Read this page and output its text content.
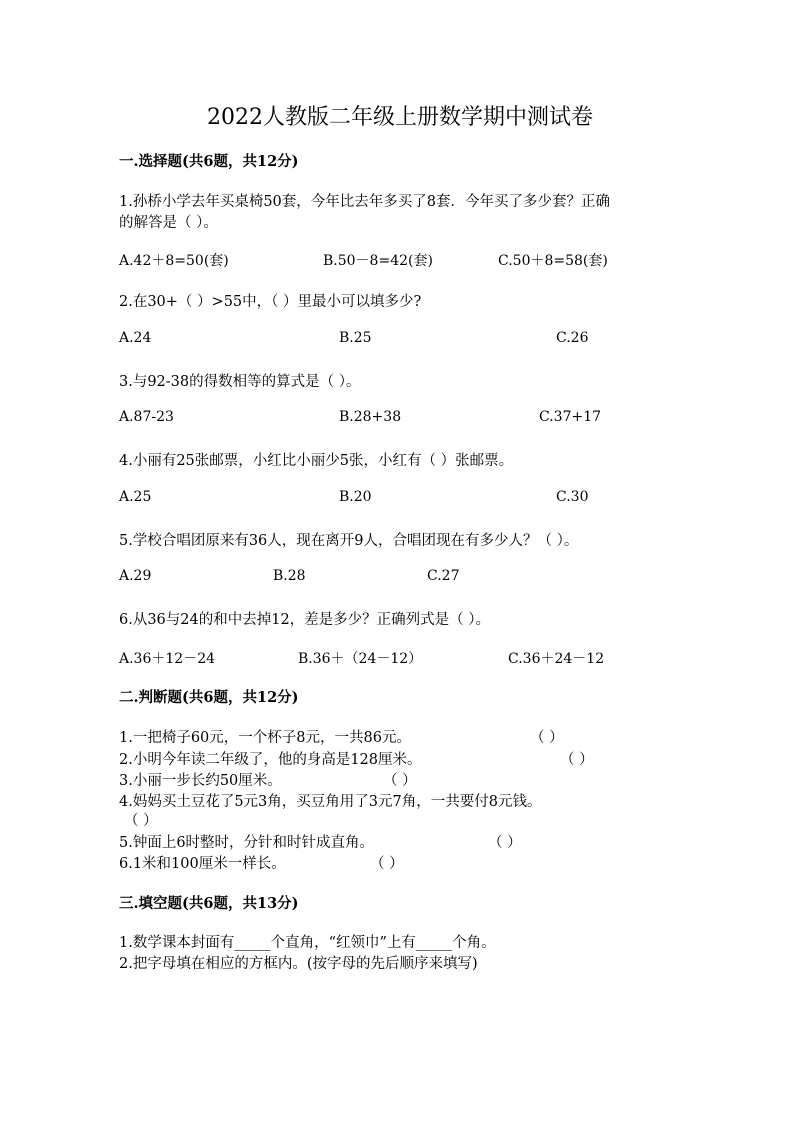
2022人教版二年级上册数学期中测试卷
一.选择题(共6题，共12分)
1.孙桥小学去年买桌椅50套，今年比去年多买了8套．今年买了多少套？正确
的解答是（ ）。
A.42＋8=50(套)	B.50－8=42(套)	C.50＋8=58(套)
2.在30+（ ）>55中，（ ）里最小可以填多少?
A.24	B.25	C.26
3.与92-38的得数相等的算式是（ ）。
A.87-23	B.28+38	C.37+17
4.小丽有25张邮票，小红比小丽少5张，小红有（ ）张邮票。
A.25	B.20	C.30
5.学校合唱团原来有36人，现在离开9人，合唱团现在有多少人？（ ）。
A.29	B.28	C.27
6.从36与24的和中去掉12，差是多少？正确列式是（ ）。
A.36＋12－24	B.36＋（24－12）	C.36＋24－12
二.判断题(共6题，共12分)
1.一把椅子60元，一个杯子8元，一共86元。	（ ）
2.小明今年读二年级了，他的身高是128厘米。	（ ）
3.小丽一步长约50厘米。	（ ）
4.妈妈买土豆花了5元3角，买豆角用了3元7角，一共要付8元钱。
（ ）
5.钟面上6时整时，分针和时针成直角。	（ ）
6.1米和100厘米一样长。	（ ）
三.填空题(共6题，共13分)
1.数学课本封面有_____个直角，“红领巾”上有_____个角。
2.把字母填在相应的方框内。(按字母的先后顺序来填写)
